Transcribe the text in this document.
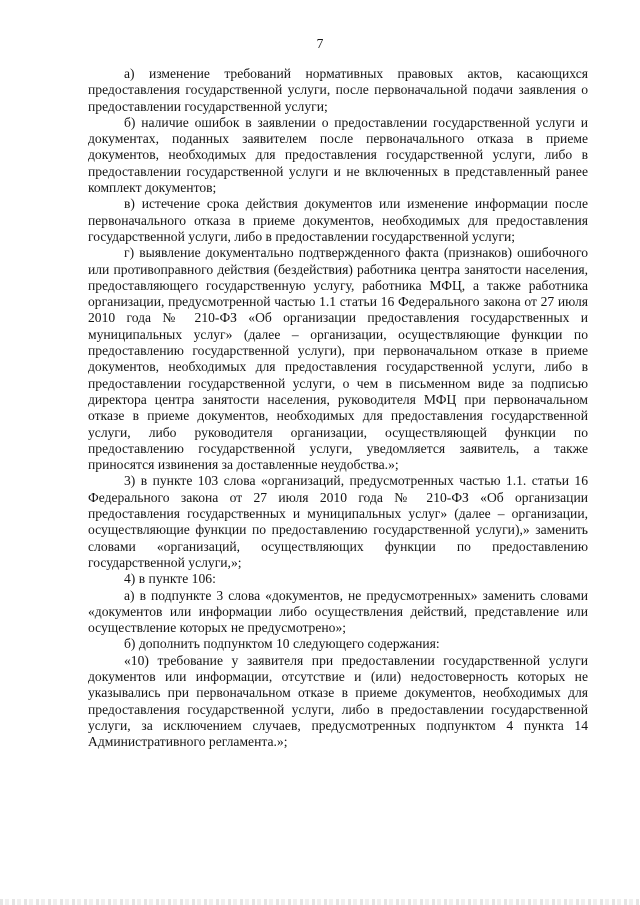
7

а) изменение требований нормативных правовых актов, касающихся предоставления государственной услуги, после первоначальной подачи заявления о предоставлении государственной услуги;

б) наличие ошибок в заявлении о предоставлении государственной услуги и документах, поданных заявителем после первоначального отказа в приеме документов, необходимых для предоставления государственной услуги, либо в предоставлении государственной услуги и не включенных в представленный ранее комплект документов;

в) истечение срока действия документов или изменение информации после первоначального отказа в приеме документов, необходимых для предоставления государственной услуги, либо в предоставлении государственной услуги;

г) выявление документально подтвержденного факта (признаков) ошибочного или противоправного действия (бездействия) работника центра занятости населения, предоставляющего государственную услугу, работника МФЦ, а также работника организации, предусмотренной частью 1.1 статьи 16 Федерального закона от 27 июля 2010 года № 210-ФЗ «Об организации предоставления государственных и муниципальных услуг» (далее – организации, осуществляющие функции по предоставлению государственной услуги), при первоначальном отказе в приеме документов, необходимых для предоставления государственной услуги, либо в предоставлении государственной услуги, о чем в письменном виде за подписью директора центра занятости населения, руководителя МФЦ при первоначальном отказе в приеме документов, необходимых для предоставления государственной услуги, либо руководителя организации, осуществляющей функции по предоставлению государственной услуги, уведомляется заявитель, а также приносятся извинения за доставленные неудобства.»;

3) в пункте 103 слова «организаций, предусмотренных частью 1.1. статьи 16 Федерального закона от 27 июля 2010 года № 210-ФЗ «Об организации предоставления государственных и муниципальных услуг» (далее – организации, осуществляющие функции по предоставлению государственной услуги),» заменить словами «организаций, осуществляющих функции по предоставлению государственной услуги,»;

4) в пункте 106:

а) в подпункте 3 слова «документов, не предусмотренных» заменить словами «документов или информации либо осуществления действий, представление или осуществление которых не предусмотрено»;

б) дополнить подпунктом 10 следующего содержания:

«10) требование у заявителя при предоставлении государственной услуги документов или информации, отсутствие и (или) недостоверность которых не указывались при первоначальном отказе в приеме документов, необходимых для предоставления государственной услуги, либо в предоставлении государственной услуги, за исключением случаев, предусмотренных подпунктом 4 пункта 14 Административного регламента.»;
